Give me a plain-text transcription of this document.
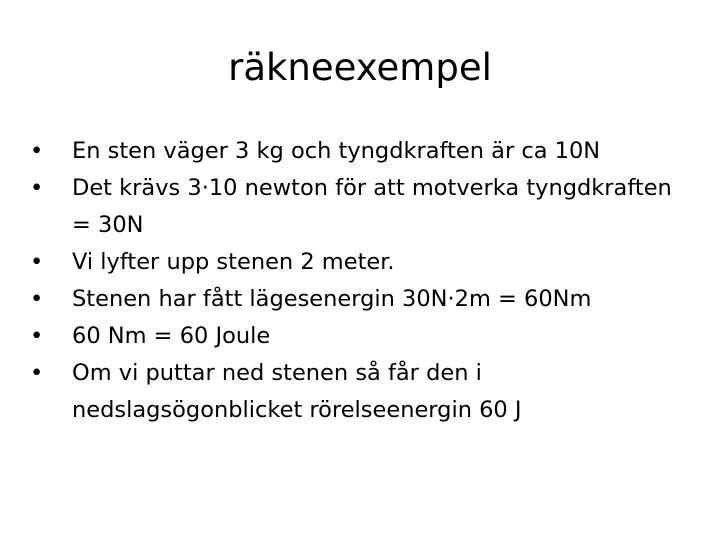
räkneexempel
•	En sten väger 3 kg och tyngdkraften är ca 10N
•	Det krävs 3·10 newton för att motverka tyngdkraften = 30N
•	Vi lyfter upp stenen 2 meter.
•	Stenen har fått lägesenergin 30N·2m = 60Nm
•	60 Nm = 60 Joule
•	Om vi puttar ned stenen så får den i nedslagsögonblicket rörelseenergin 60 J
